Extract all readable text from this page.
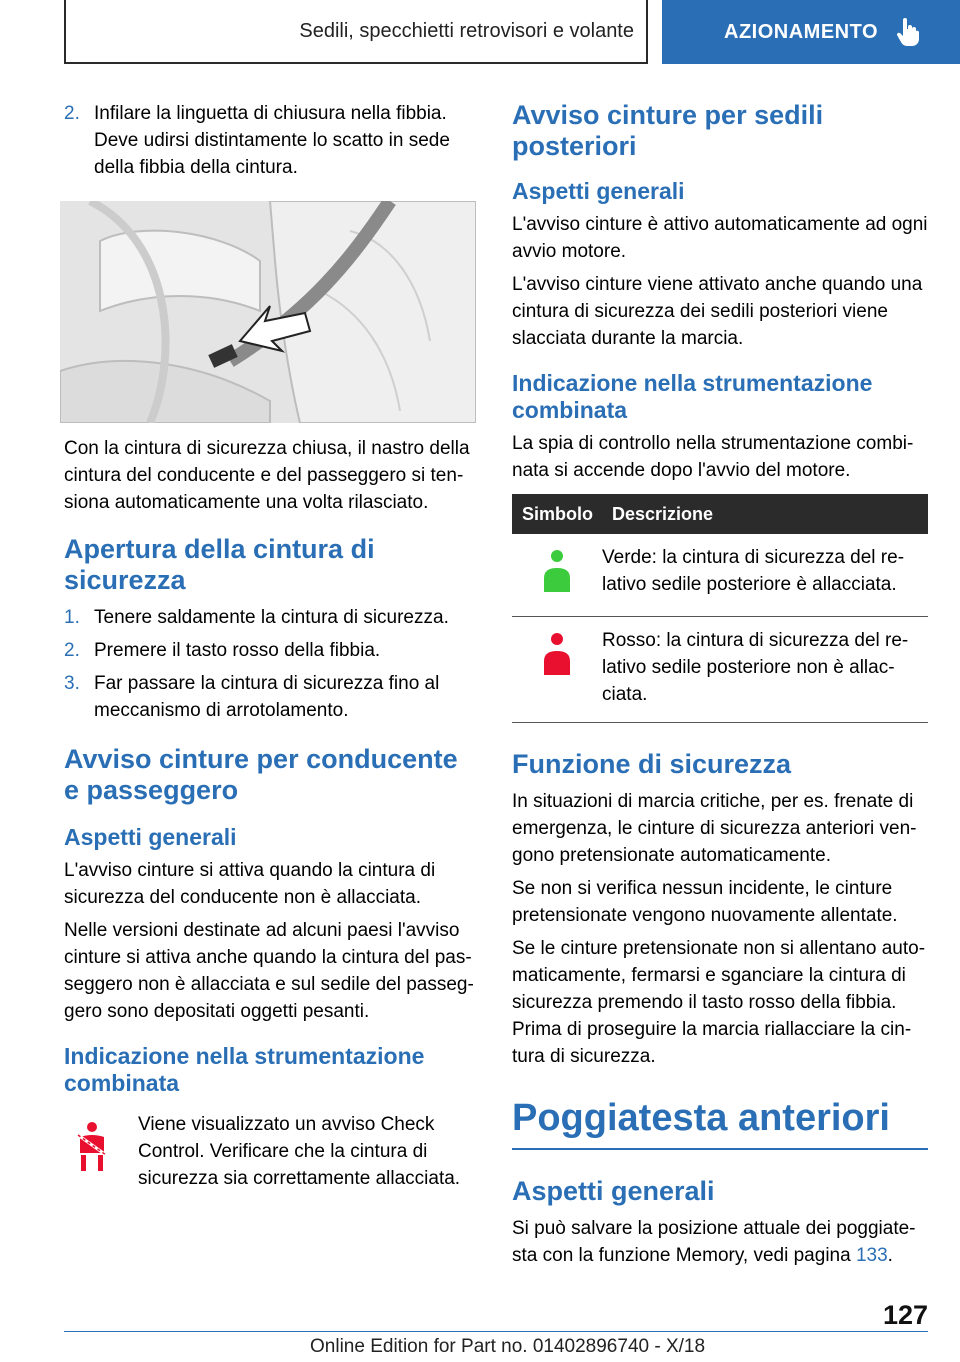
Sedili, specchietti retrovisori e volante	AZIONAMENTO
2. Infilare la linguetta di chiusura nella fibbia. Deve udirsi distintamente lo scatto in sede della fibbia della cintura.

Con la cintura di sicurezza chiusa, il nastro della cintura del conducente e del passeggero si tensiona automaticamente una volta rilasciato.

Apertura della cintura di sicurezza
1. Tenere saldamente la cintura di sicurezza.
2. Premere il tasto rosso della fibbia.
3. Far passare la cintura di sicurezza fino al meccanismo di arrotolamento.
Avviso cinture per conducente e passeggero
Aspetti generali

L'avviso cinture si attiva quando la cintura di sicurezza del conducente non è allacciata.

Nelle versioni destinate ad alcuni paesi l'avviso cinture si attiva anche quando la cintura del passeggero non è allacciata e sul sedile del passeggero sono depositati oggetti pesanti.

Indicazione nella strumentazione combinata
Viene visualizzato un avviso Check Control. Verificare che la cintura di sicurezza sia correttamente allacciata.
Avviso cinture per sedili posteriori
Aspetti generali

L'avviso cinture è attivo automaticamente ad ogni avvio motore.

L'avviso cinture viene attivato anche quando una cintura di sicurezza dei sedili posteriori viene slacciata durante la marcia.

Indicazione nella strumentazione combinata

La spia di controllo nella strumentazione combinata si accende dopo l'avvio del motore.

Simbolo	Descrizione
	Verde: la cintura di sicurezza del relativo sedile posteriore è allacciata.
	Rosso: la cintura di sicurezza del relativo sedile posteriore non è allacciata.
Funzione di sicurezza

In situazioni di marcia critiche, per es. frenate di emergenza, le cinture di sicurezza anteriori vengono pretensionate automaticamente.

Se non si verifica nessun incidente, le cinture pretensionate vengono nuovamente allentate.

Se le cinture pretensionate non si allentano automaticamente, fermarsi e sganciare la cintura di sicurezza premendo il tasto rosso della fibbia. Prima di proseguire la marcia riallacciare la cintura di sicurezza.

Poggiatesta anteriori
Aspetti generali

Si può salvare la posizione attuale dei poggiatesta con la funzione Memory, vedi pagina 133.

127
Online Edition for Part no. 01402896740 - X/18
